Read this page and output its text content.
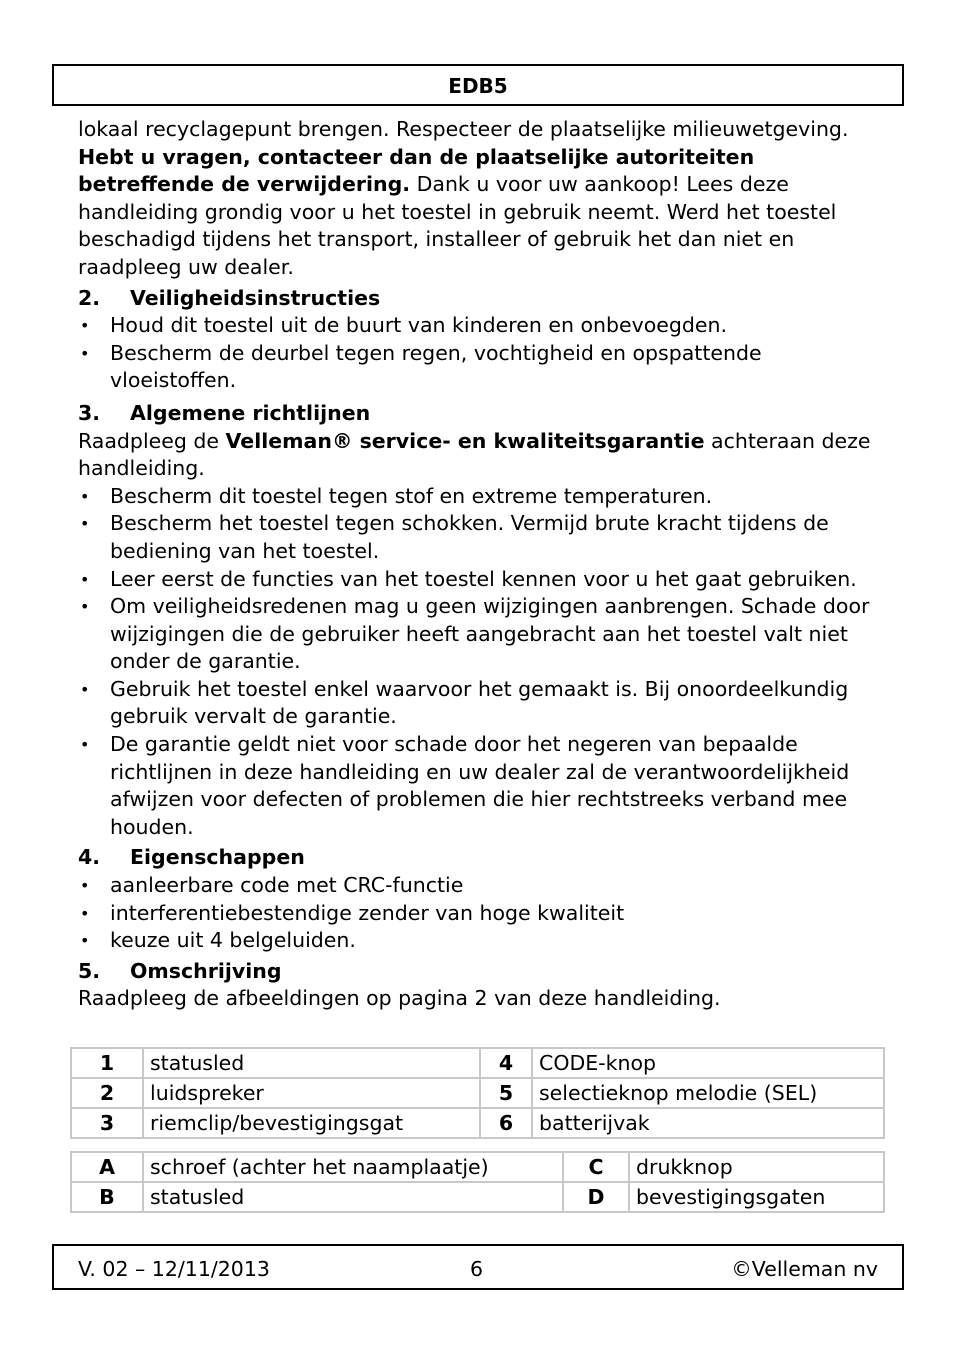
EDB5

lokaal recyclagepunt brengen. Respecteer de plaatselijke milieuwetgeving. Hebt u vragen, contacteer dan de plaatselijke autoriteiten betreffende de verwijdering. Dank u voor uw aankoop! Lees deze handleiding grondig voor u het toestel in gebruik neemt. Werd het toestel beschadigd tijdens het transport, installeer of gebruik het dan niet en raadpleeg uw dealer.

2.	Veiligheidsinstructies
• Houd dit toestel uit de buurt van kinderen en onbevoegden.
• Bescherm de deurbel tegen regen, vochtigheid en opspattende vloeistoffen.
3.	Algemene richtlijnen

Raadpleeg de Velleman® service- en kwaliteitsgarantie achteraan deze handleiding.

• Bescherm dit toestel tegen stof en extreme temperaturen.
• Bescherm het toestel tegen schokken. Vermijd brute kracht tijdens de bediening van het toestel.
• Leer eerst de functies van het toestel kennen voor u het gaat gebruiken.
• Om veiligheidsredenen mag u geen wijzigingen aanbrengen. Schade door wijzigingen die de gebruiker heeft aangebracht aan het toestel valt niet onder de garantie.
• Gebruik het toestel enkel waarvoor het gemaakt is. Bij onoordeelkundig gebruik vervalt de garantie.
• De garantie geldt niet voor schade door het negeren van bepaalde richtlijnen in deze handleiding en uw dealer zal de verantwoordelijkheid afwijzen voor defecten of problemen die hier rechtstreeks verband mee houden.
4.	Eigenschappen
• aanleerbare code met CRC-functie
• interferentiebestendige zender van hoge kwaliteit
• keuze uit 4 belgeluiden.
5.	Omschrijving

Raadpleeg de afbeeldingen op pagina 2 van deze handleiding.

1	statusled	4	CODE-knop
2	luidspreker	5	selectieknop melodie (SEL)
3	riemclip/bevestigingsgat	6	batterijvak
A	schroef (achter het naamplaatje)	C	drukknop
B	statusled	D	bevestigingsgaten
V. 02 – 12/11/2013	6	©Velleman nv
